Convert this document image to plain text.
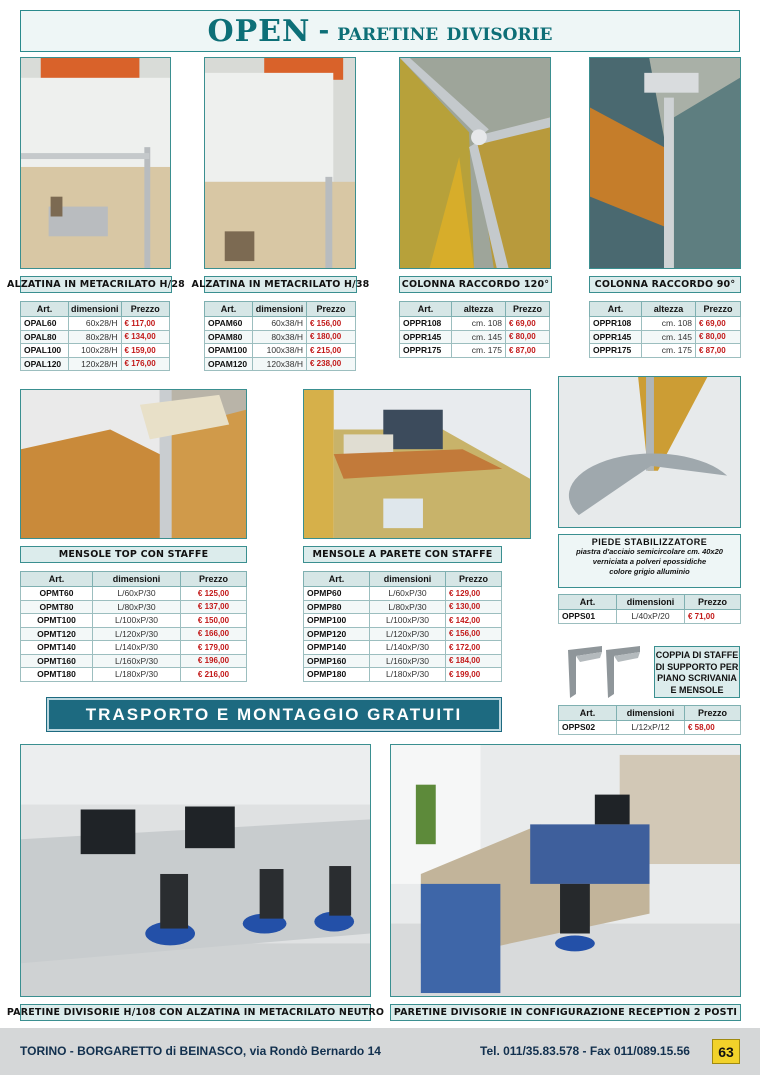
OPEN - paretine divisorie
ALZATINA IN METACRILATO H/28 ALZATINA IN METACRILATO H/38	COLONNA RACCORDO 120°	COLONNA RACCORDO 90°
Art.	dimensioni	Prezzo
OPAL60	60x28/H	€ 117,00
OPAL80	80x28/H	€ 134,00
OPAL100	100x28/H	€ 159,00
OPAL120	120x28/H	€ 176,00
Art.	dimensioni	Prezzo
OPAM60	60x38/H	€ 156,00
OPAM80	80x38/H	€ 180,00
OPAM100	100x38/H	€ 215,00
OPAM120	120x38/H	€ 238,00
Art.	altezza	Prezzo
OPPR108	cm. 108	€ 69,00
OPPR145	cm. 145	€ 80,00
OPPR175	cm. 175	€ 87,00
Art.	altezza	Prezzo
OPPR108	cm. 108	€ 69,00
OPPR145	cm. 145	€ 80,00
OPPR175	cm. 175	€ 87,00
MENSOLE TOP CON STAFFE	MENSOLE A PARETE CON STAFFE
PIEDE STABILIZZATORE
piastra d'acciaio semicircolare cm. 40x20
verniciata a polveri epossidiche
colore grigio alluminio
Art.	dimensioni	Prezzo
OPMT60	L/60xP/30	€ 125,00
OPMT80	L/80xP/30	€ 137,00
OPMT100	L/100xP/30	€ 150,00
OPMT120	L/120xP/30	€ 166,00
OPMT140	L/140xP/30	€ 179,00
OPMT160	L/160xP/30	€ 196,00
OPMT180	L/180xP/30	€ 216,00
Art.	dimensioni	Prezzo
OPMP60	L/60xP/30	€ 129,00
OPMP80	L/80xP/30	€ 130,00
OPMP100	L/100xP/30	€ 142,00
OPMP120	L/120xP/30	€ 156,00
OPMP140	L/140xP/30	€ 172,00
OPMP160	L/160xP/30	€ 184,00
OPMP180	L/180xP/30	€ 199,00
Art.	dimensioni	Prezzo
OPPS01	L/40xP/20	€ 71,00
COPPIA DI STAFFE
DI SUPPORTO PER
PIANO SCRIVANIA
E MENSOLE
Art.	dimensioni	Prezzo
OPPS02	L/12xP/12	€ 58,00
TRASPORTO E MONTAGGIO GRATUITI
PARETINE DIVISORIE H/108 CON ALZATINA IN METACRILATO NEUTRO	PARETINE DIVISORIE IN CONFIGURAZIONE RECEPTION 2 POSTI
TORINO - BORGARETTO di BEINASCO, via Rondò Bernardo 14	Tel. 011/35.83.578 - Fax 011/089.15.56	63
